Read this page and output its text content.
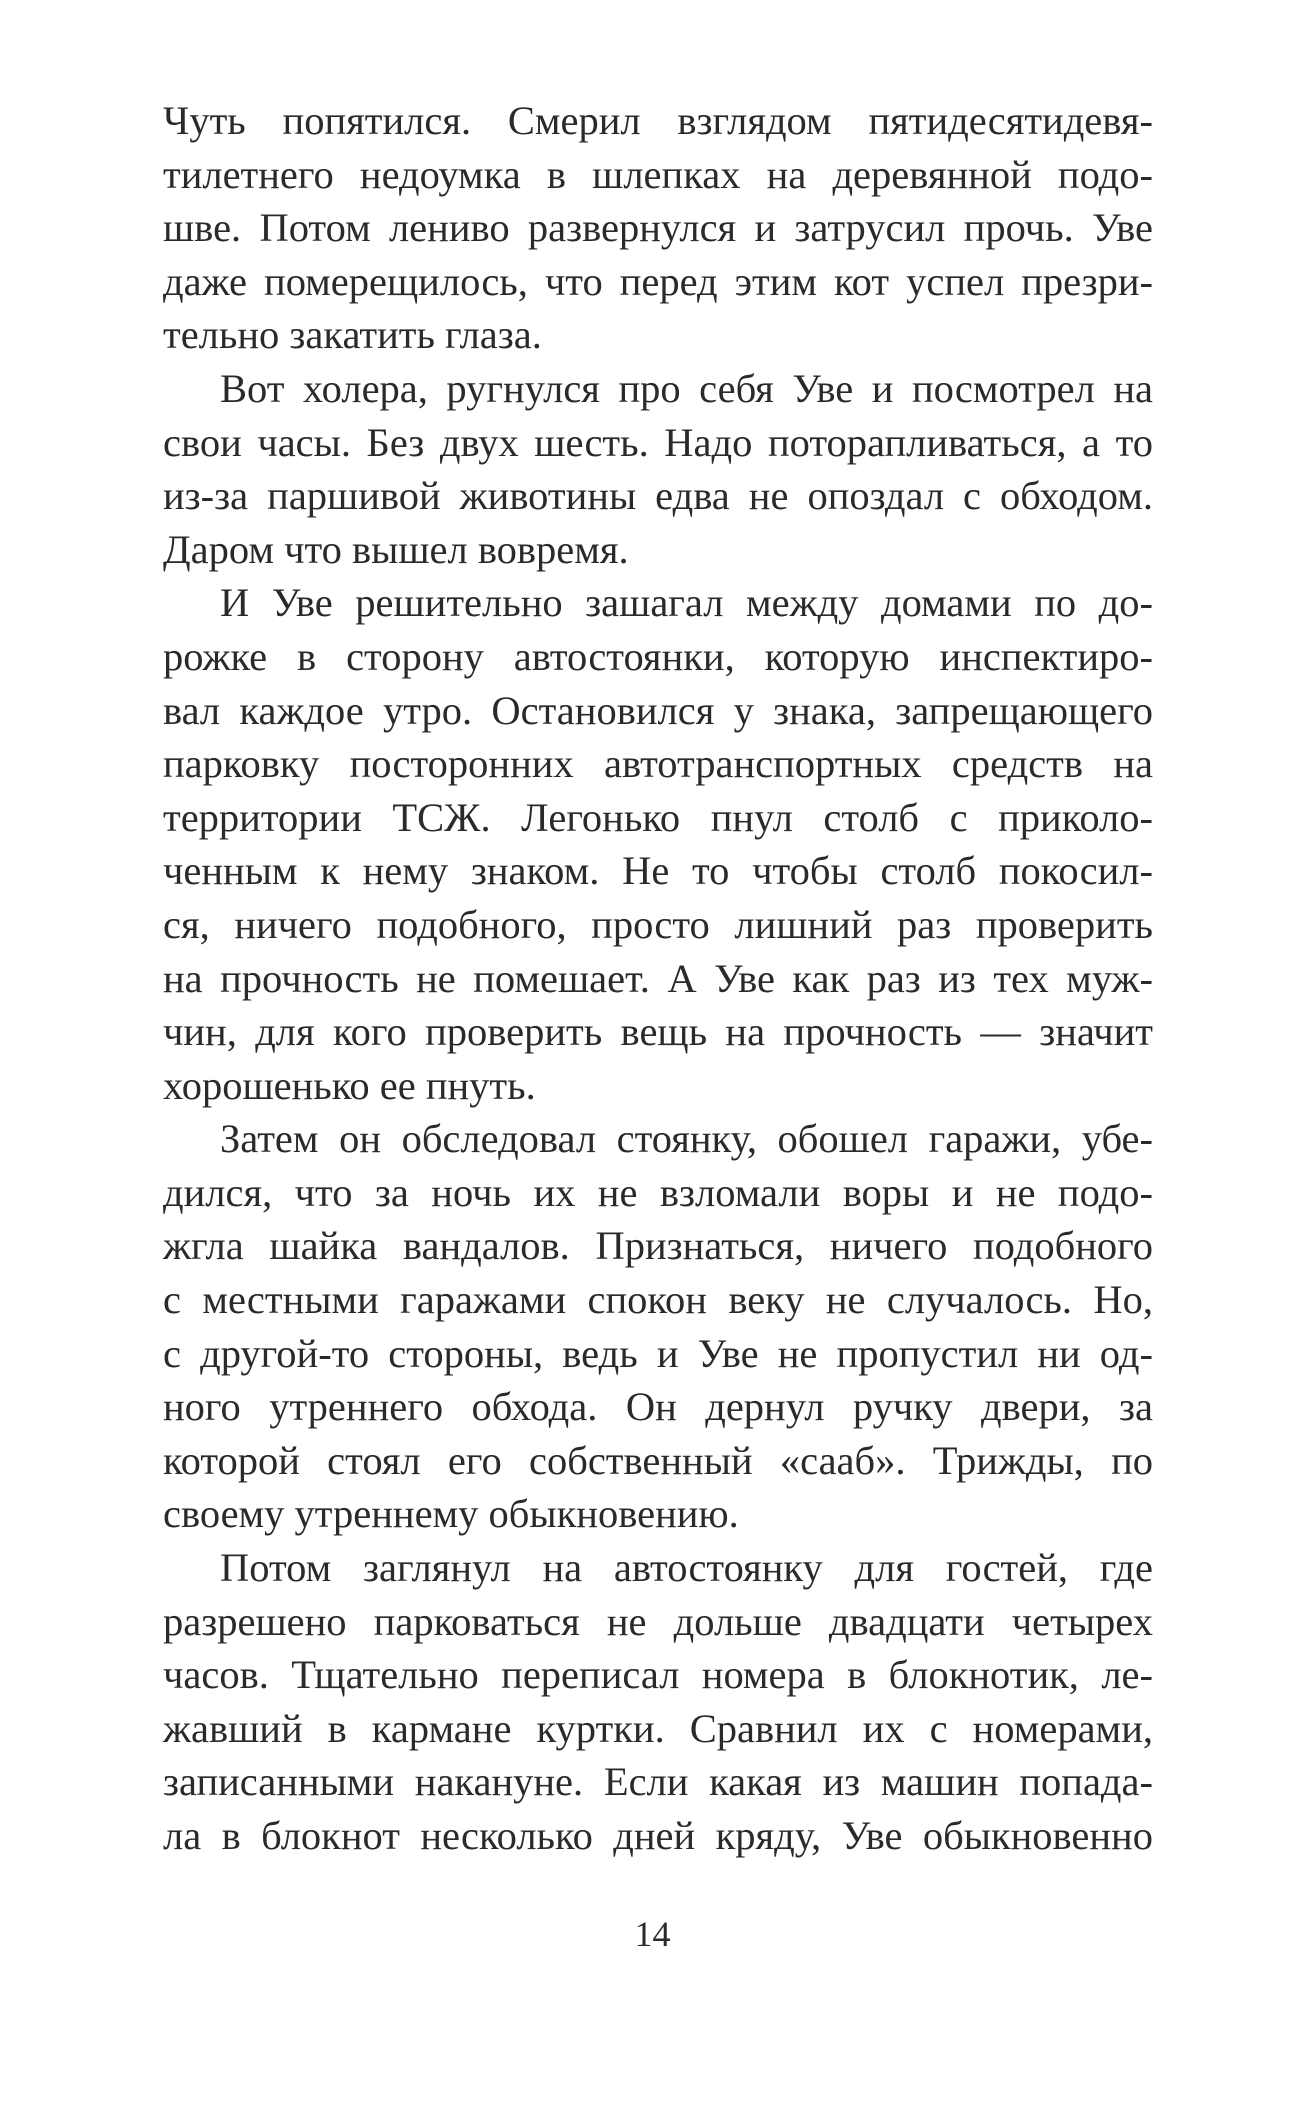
Чуть попятился. Смерил взглядом пятидесятидевя-
тилетнего недоумка в шлепках на деревянной подо-
шве. Потом лениво развернулся и затрусил прочь. Уве
даже померещилось, что перед этим кот успел презри-
тельно закатить глаза.
Вот холера, ругнулся про себя Уве и посмотрел на
свои часы. Без двух шесть. Надо поторапливаться, а то
из-за паршивой животины едва не опоздал с обходом.
Даром что вышел вовремя.
И Уве решительно зашагал между домами по до-
рожке в сторону автостоянки, которую инспектиро-
вал каждое утро. Остановился у знака, запрещающего
парковку посторонних автотранспортных средств на
территории ТСЖ. Легонько пнул столб с приколо-
ченным к нему знаком. Не то чтобы столб покосил-
ся, ничего подобного, просто лишний раз проверить
на прочность не помешает. А Уве как раз из тех муж-
чин, для кого проверить вещь на прочность — значит
хорошенько ее пнуть.
Затем он обследовал стоянку, обошел гаражи, убе-
дился, что за ночь их не взломали воры и не подо-
жгла шайка вандалов. Признаться, ничего подобного
с местными гаражами спокон веку не случалось. Но,
с другой-то стороны, ведь и Уве не пропустил ни од-
ного утреннего обхода. Он дернул ручку двери, за
которой стоял его собственный «сааб». Трижды, по
своему утреннему обыкновению.
Потом заглянул на автостоянку для гостей, где
разрешено парковаться не дольше двадцати четырех
часов. Тщательно переписал номера в блокнотик, ле-
жавший в кармане куртки. Сравнил их с номерами,
записанными накануне. Если какая из машин попада-
ла в блокнот несколько дней кряду, Уве обыкновенно
14
